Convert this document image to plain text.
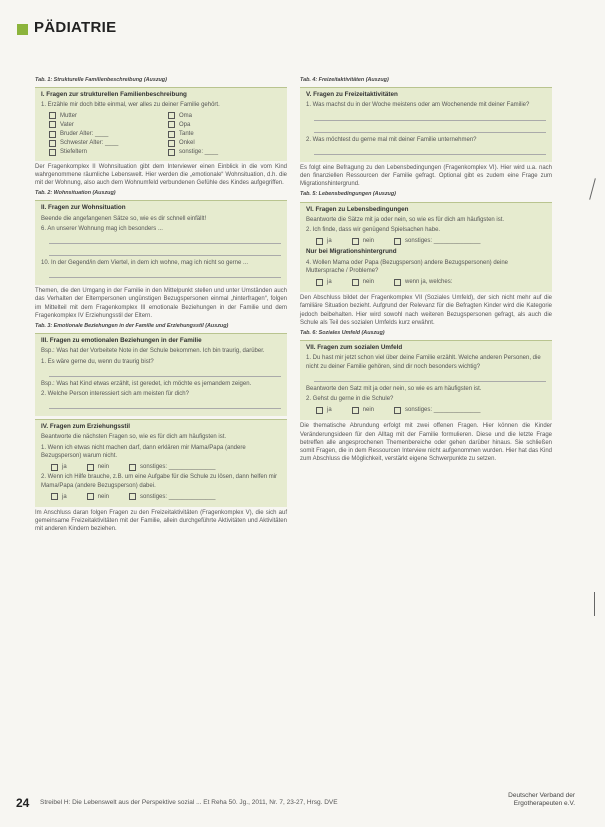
PÄDIATRIE

Tab. 1: Strukturelle Familienbeschreibung (Auszug)

I. Fragen zur strukturellen Familienbeschreibung
1. Erzähle mir doch bitte einmal, wer alles zu deiner Familie gehört.
Mutter	Oma
Vater	Opa
Bruder Alter: ____	Tante
Schwester Alter: ____	Onkel
Stiefeltern	sonstige: ____

Der Fragenkomplex II Wohnsituation gibt dem Interviewer einen Einblick in die vom Kind wahrgenommene räumliche Lebenswelt. Hier werden die „emotionale“ Wohnsituation, d.h. die mit der Wohnung, also auch dem Wohnumfeld verbundenen Gefühle des Kindes aufgegriffen.

Tab. 2: Wohnsituation (Auszug)

II. Fragen zur Wohnsituation
Beende die angefangenen Sätze so, wie es dir schnell einfällt!
6. An unserer Wohnung mag ich besonders ...
10. In der Gegend/in dem Viertel, in dem ich wohne, mag ich nicht so gerne ...

Themen, die den Umgang in der Familie in den Mittelpunkt stellen und unter Umständen auch das Verhalten der Elternpersonen ungünstigen Bezugspersonen einmal „hinterfragen“, folgen im Mittelteil mit dem Fragenkomplex III emotionale Beziehungen in der Familie und dem Fragenkomplex IV Erziehungsstil der Eltern.

Tab. 3: Emotionale Beziehungen in der Familie und Erziehungsstil (Auszug)

III. Fragen zu emotionalen Beziehungen in der Familie
Bsp.: Was hat der Vorbeitete Note in der Schule bekommen. Ich bin traurig, darüber.
1. Es wäre gerne du, wenn du traurig bist?
Bsp.: Was hat Kind etwas erzählt, ist geredet, ich möchte es jemandem zeigen.
2. Welche Person interessiert sich am meisten für dich?
IV. Fragen zum Erziehungsstil
Beantworte die nächsten Fragen so, wie es für dich am häufigsten ist.
1. Wenn ich etwas nicht machen darf, dann erklären mir Mama/Papa (andere Bezugsperson) warum nicht.
ja	nein	sonstiges: ______________
2. Wenn ich Hilfe brauche, z.B. um eine Aufgabe für die Schule zu lösen, dann helfen mir Mama/Papa (andere Bezugsperson) dabei.
ja	nein	sonstiges: ______________

Im Anschluss daran folgen Fragen zu den Freizeitaktivitäten (Fragenkomplex V), die sich auf gemeinsame Freizeitaktivitäten mit der Familie, allein durchgeführte Aktivitäten und Aktivitäten mit anderen Kindern beziehen.

Tab. 4: Freizeitaktivitäten (Auszug)

V. Fragen zu Freizeitaktivitäten
1. Was machst du in der Woche meistens oder am Wochenende mit deiner Familie?
2. Was möchtest du gerne mal mit deiner Familie unternehmen?

Es folgt eine Befragung zu den Lebensbedingungen (Fragenkomplex VI). Hier wird u.a. nach den finanziellen Ressourcen der Familie gefragt. Optional gibt es zudem eine Frage zum Migrationshintergrund.

Tab. 5: Lebensbedingungen (Auszug)

VI. Fragen zu Lebensbedingungen
Beantworte die Sätze mit ja oder nein, so wie es für dich am häufigsten ist.
2. Ich finde, dass wir genügend Spielsachen habe.
ja	nein	sonstiges: ______________
Nur bei Migrationshintergrund
4. Wollen Mama oder Papa (Bezugsperson) andere Bezugspersonen) deine Muttersprache / Probleme?
ja	nein	wenn ja, welches:

Den Abschluss bildet der Fragenkomplex VII (Soziales Umfeld), der sich nicht mehr auf die familiäre Situation bezieht. Aufgrund der Relevanz für die Befragten Kinder wird die Kategorie jedoch beibehalten. Hier wird sowohl nach weiteren Bezugspersonen gefragt, als auch die Schule als Teil des sozialen Umfelds kurz erwähnt.

Tab. 6: Soziales Umfeld (Auszug)

VII. Fragen zum sozialen Umfeld
1. Du hast mir jetzt schon viel über deine Familie erzählt. Welche anderen Personen, die nicht zu deiner Familie gehören, sind dir noch besonders wichtig?
Beantworte den Satz mit ja oder nein, so wie es am häufigsten ist.
2. Gehst du gerne in die Schule?
ja	nein	sonstiges: ______________

Die thematische Abrundung erfolgt mit zwei offenen Fragen. Hier können die Kinder Veränderungsideen für den Alltag mit der Familie formulieren. Diese und die letzte Frage betreffen alle angesprochenen Themenbereiche oder gehen darüber hinaus. Sie schließen somit Fragen, die in dem Ressourcen Interview nicht aufgenommen wurden. Hier hat das Kind zum Abschluss die Möglichkeit, verstärkt eigene Schwerpunkte zu setzen.

24 Streibel H: Die Lebenswelt aus der Perspektive sozial ... Et Reha 50. Jg., 2011, Nr. 7, 23-27, Hrsg. DVE
Deutscher Verband der
Ergotherapeuten e.V.
